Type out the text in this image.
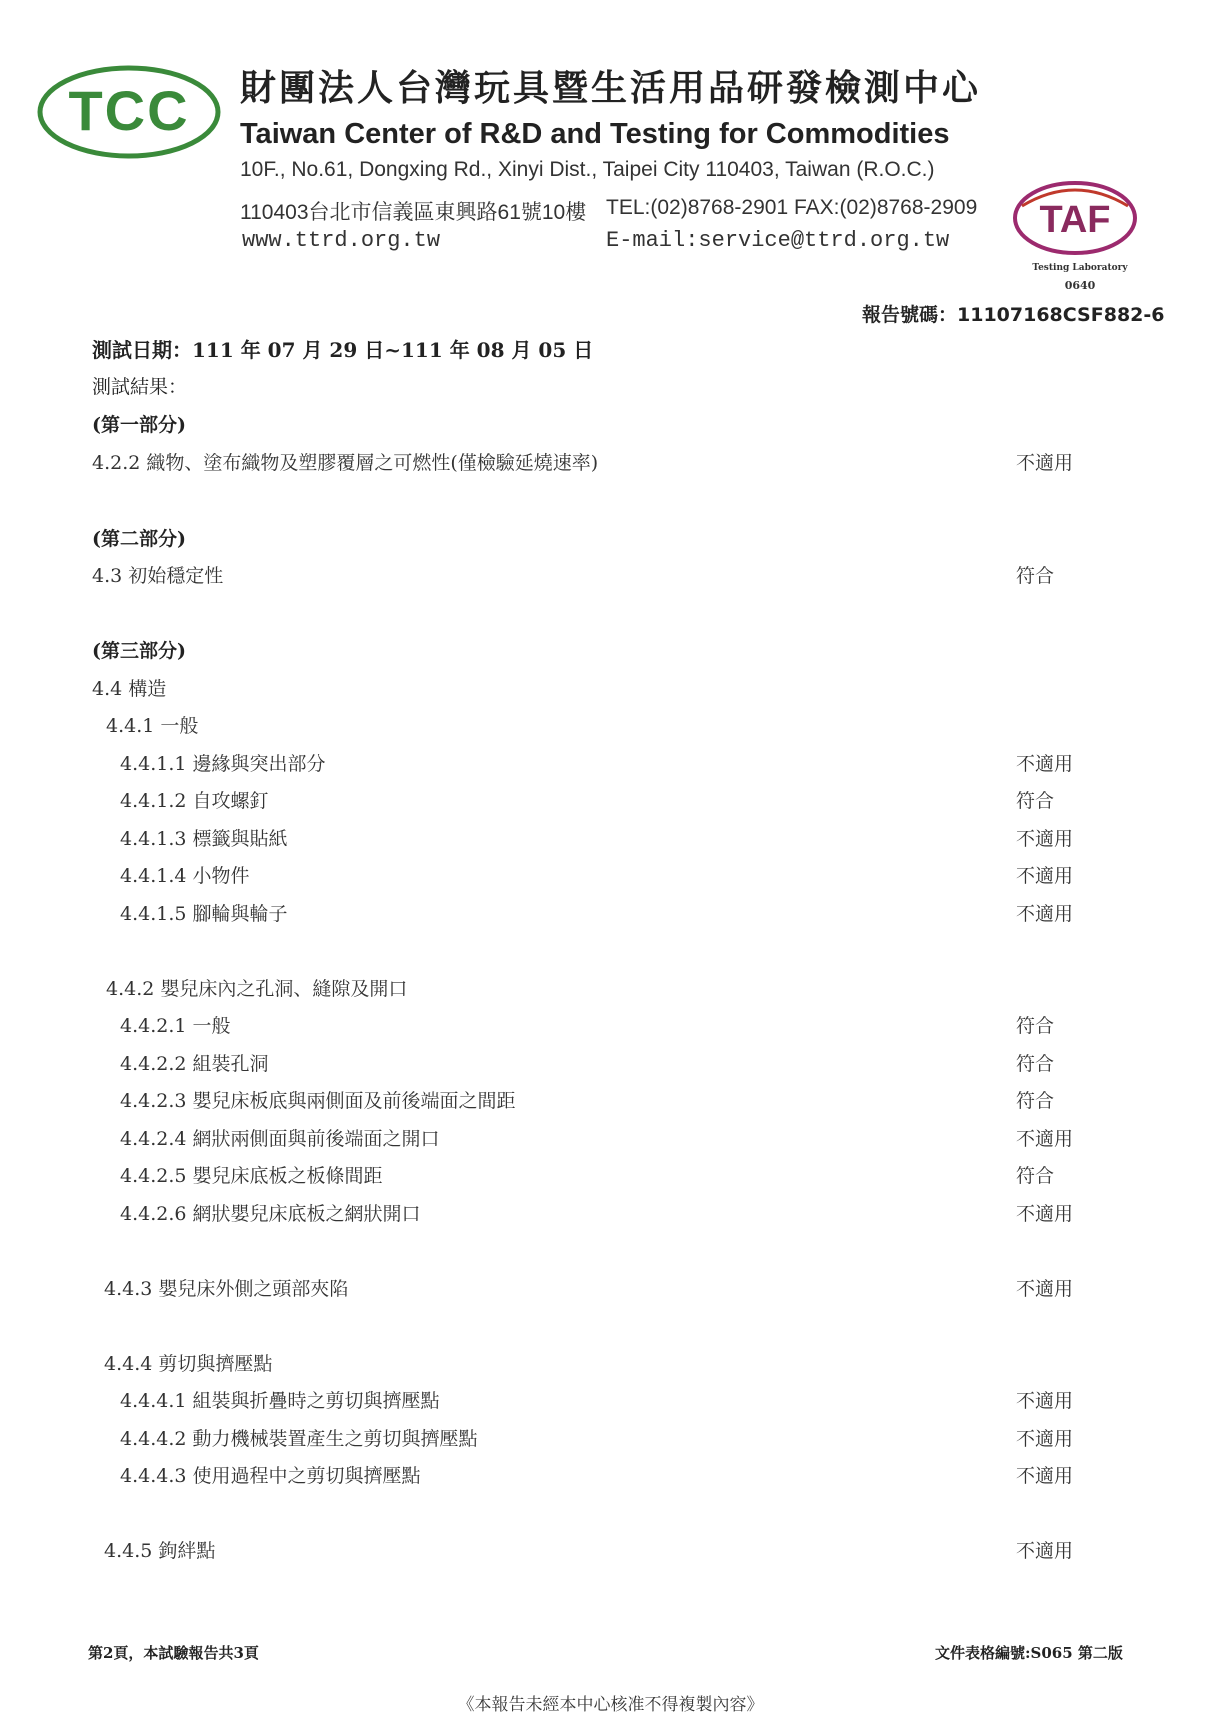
TCC 財團法人台灣玩具暨生活用品研發檢測中心
Taiwan Center of R&D and Testing for Commodities
10F., No.61, Dongxing Rd., Xinyi Dist., Taipei City 110403, Taiwan (R.O.C.)
110403台北市信義區東興路61號10樓 TEL:(02)8768-2901 FAX:(02)8768-2909
www.ttrd.org.tw	E-mail:service@ttrd.org.tw TAF
Testing Laboratory
0640
報告號碼：11107168CSF882-6
測試日期：111 年 07 月 29 日~111 年 08 月 05 日
測試結果：
(第一部分)
4.2.2 織物、塗布織物及塑膠覆層之可燃性(僅檢驗延燒速率)	不適用
(第二部分)
4.3 初始穩定性	符合
(第三部分)
4.4 構造
4.4.1 一般
4.4.1.1 邊緣與突出部分	不適用
4.4.1.2 自攻螺釘	符合
4.4.1.3 標籤與貼紙	不適用
4.4.1.4 小物件	不適用
4.4.1.5 腳輪與輪子	不適用
4.4.2 嬰兒床內之孔洞、縫隙及開口
4.4.2.1 一般	符合
4.4.2.2 組裝孔洞	符合
4.4.2.3 嬰兒床板底與兩側面及前後端面之間距	符合
4.4.2.4 網狀兩側面與前後端面之開口	不適用
4.4.2.5 嬰兒床底板之板條間距	符合
4.4.2.6 網狀嬰兒床底板之網狀開口	不適用
4.4.3 嬰兒床外側之頭部夾陷	不適用
4.4.4 剪切與擠壓點
4.4.4.1 組裝與折疊時之剪切與擠壓點	不適用
4.4.4.2 動力機械裝置產生之剪切與擠壓點	不適用
4.4.4.3 使用過程中之剪切與擠壓點	不適用
4.4.5 鉤絆點	不適用
第2頁，本試驗報告共3頁	文件表格編號:S065 第二版
《本報告未經本中心核准不得複製內容》
